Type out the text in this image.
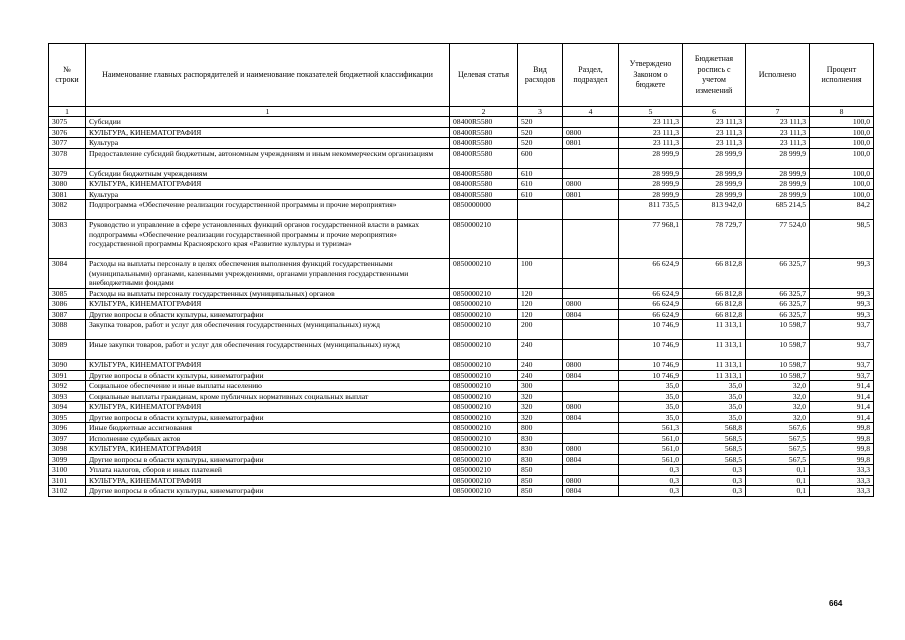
№ строки	Наименование главных распорядителей и наименование показателей бюджетной классификации	Целевая статья	Вид расходов	Раздел, подраздел	Утверждено Законом о бюджете	Бюджетная роспись с учетом изменений	Исполнено	Процент исполнения
1	1	2	3	4	5	6	7	8
3075	Субсидии	08400R5580	520		23 111,3	23 111,3	23 111,3	100,0
3076	КУЛЬТУРА, КИНЕМАТОГРАФИЯ	08400R5580	520	0800	23 111,3	23 111,3	23 111,3	100,0
3077	Культура	08400R5580	520	0801	23 111,3	23 111,3	23 111,3	100,0
3078	Предоставление субсидий бюджетным, автономным учреждениям и иным некоммерческим организациям	08400R5580	600		28 999,9	28 999,9	28 999,9	100,0
3079	Субсидии бюджетным учреждениям	08400R5580	610		28 999,9	28 999,9	28 999,9	100,0
3080	КУЛЬТУРА, КИНЕМАТОГРАФИЯ	08400R5580	610	0800	28 999,9	28 999,9	28 999,9	100,0
3081	Культура	08400R5580	610	0801	28 999,9	28 999,9	28 999,9	100,0
3082	Подпрограмма «Обеспечение реализации государственной программы и прочие мероприятия»	0850000000			811 735,5	813 942,0	685 214,5	84,2
3083	Руководство и управление в сфере установленных функций органов государственной власти в рамках подпрограммы «Обеспечение реализации государственной программы и прочие мероприятия» государственной программы Красноярского края «Развитие культуры и туризма»	0850000210			77 968,1	78 729,7	77 524,0	98,5
3084	Расходы на выплаты персоналу в целях обеспечения выполнения функций государственными (муниципальными) органами, казенными учреждениями, органами управления государственными внебюджетными фондами	0850000210	100		66 624,9	66 812,8	66 325,7	99,3
3085	Расходы на выплаты персоналу государственных (муниципальных) органов	0850000210	120		66 624,9	66 812,8	66 325,7	99,3
3086	КУЛЬТУРА, КИНЕМАТОГРАФИЯ	0850000210	120	0800	66 624,9	66 812,8	66 325,7	99,3
3087	Другие вопросы в области культуры, кинематографии	0850000210	120	0804	66 624,9	66 812,8	66 325,7	99,3
3088	Закупка товаров, работ и услуг для обеспечения государственных (муниципальных) нужд	0850000210	200		10 746,9	11 313,1	10 598,7	93,7
3089	Иные закупки товаров, работ и услуг для обеспечения государственных (муниципальных) нужд	0850000210	240		10 746,9	11 313,1	10 598,7	93,7
3090	КУЛЬТУРА, КИНЕМАТОГРАФИЯ	0850000210	240	0800	10 746,9	11 313,1	10 598,7	93,7
3091	Другие вопросы в области культуры, кинематографии	0850000210	240	0804	10 746,9	11 313,1	10 598,7	93,7
3092	Социальное обеспечение и иные выплаты населению	0850000210	300		35,0	35,0	32,0	91,4
3093	Социальные выплаты гражданам, кроме публичных нормативных социальных выплат	0850000210	320		35,0	35,0	32,0	91,4
3094	КУЛЬТУРА, КИНЕМАТОГРАФИЯ	0850000210	320	0800	35,0	35,0	32,0	91,4
3095	Другие вопросы в области культуры, кинематографии	0850000210	320	0804	35,0	35,0	32,0	91,4
3096	Иные бюджетные ассигнования	0850000210	800		561,3	568,8	567,6	99,8
3097	Исполнение судебных актов	0850000210	830		561,0	568,5	567,5	99,8
3098	КУЛЬТУРА, КИНЕМАТОГРАФИЯ	0850000210	830	0800	561,0	568,5	567,5	99,8
3099	Другие вопросы в области культуры, кинематографии	0850000210	830	0804	561,0	568,5	567,5	99,8
3100	Уплата налогов, сборов и иных платежей	0850000210	850		0,3	0,3	0,1	33,3
3101	КУЛЬТУРА, КИНЕМАТОГРАФИЯ	0850000210	850	0800	0,3	0,3	0,1	33,3
3102	Другие вопросы в области культуры, кинематографии	0850000210	850	0804	0,3	0,3	0,1	33,3
664
